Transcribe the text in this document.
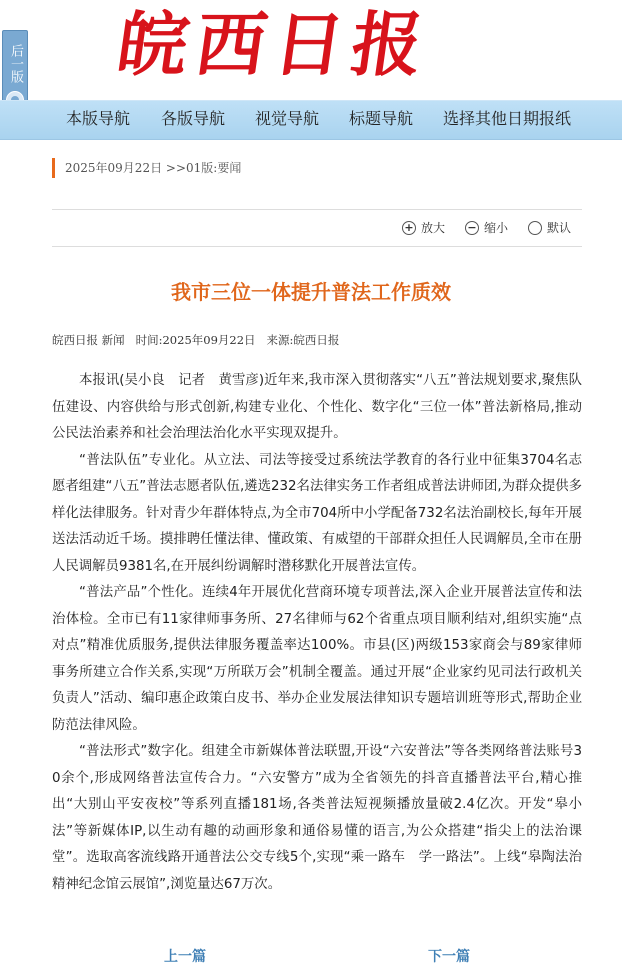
皖西日报
后一版
本版导航 各版导航 视觉导航 标题导航 选择其他日期报纸
2025年09月22日 >>01版:要闻
+ 放大 − 缩小	默认
我市三位一体提升普法工作质效
皖西日报 新闻   时间:2025年09月22日   来源:皖西日报

本报讯(吴小良　记者　黄雪彦)近年来,我市深入贯彻落实“八五”普法规划要求,聚焦队伍建设、内容供给与形式创新,构建专业化、个性化、数字化“三位一体”普法新格局,推动公民法治素养和社会治理法治化水平实现双提升。

“普法队伍”专业化。从立法、司法等接受过系统法学教育的各行业中征集3704名志愿者组建“八五”普法志愿者队伍,遴选232名法律实务工作者组成普法讲师团,为群众提供多样化法律服务。针对青少年群体特点,为全市704所中小学配备732名法治副校长,每年开展送法活动近千场。摸排聘任懂法律、懂政策、有威望的干部群众担任人民调解员,全市在册人民调解员9381名,在开展纠纷调解时潜移默化开展普法宣传。

“普法产品”个性化。连续4年开展优化营商环境专项普法,深入企业开展普法宣传和法治体检。全市已有11家律师事务所、27名律师与62个省重点项目顺利结对,组织实施“点对点”精准优质服务,提供法律服务覆盖率达100%。市县(区)两级153家商会与89家律师事务所建立合作关系,实现“万所联万会”机制全覆盖。通过开展“企业家约见司法行政机关负责人”活动、编印惠企政策白皮书、举办企业发展法律知识专题培训班等形式,帮助企业防范法律风险。

“普法形式”数字化。组建全市新媒体普法联盟,开设“六安普法”等各类网络普法账号30余个,形成网络普法宣传合力。“六安警方”成为全省领先的抖音直播普法平台,精心推出“大别山平安夜校”等系列直播181场,各类普法短视频播放量破2.4亿次。开发“皋小法”等新媒体IP,以生动有趣的动画形象和通俗易懂的语言,为公众搭建“指尖上的法治课堂”。选取高客流线路开通普法公交专线5个,实现“乘一路车　学一路法”。上线“皋陶法治精神纪念馆云展馆”,浏览量达67万次。

上一篇	下一篇
